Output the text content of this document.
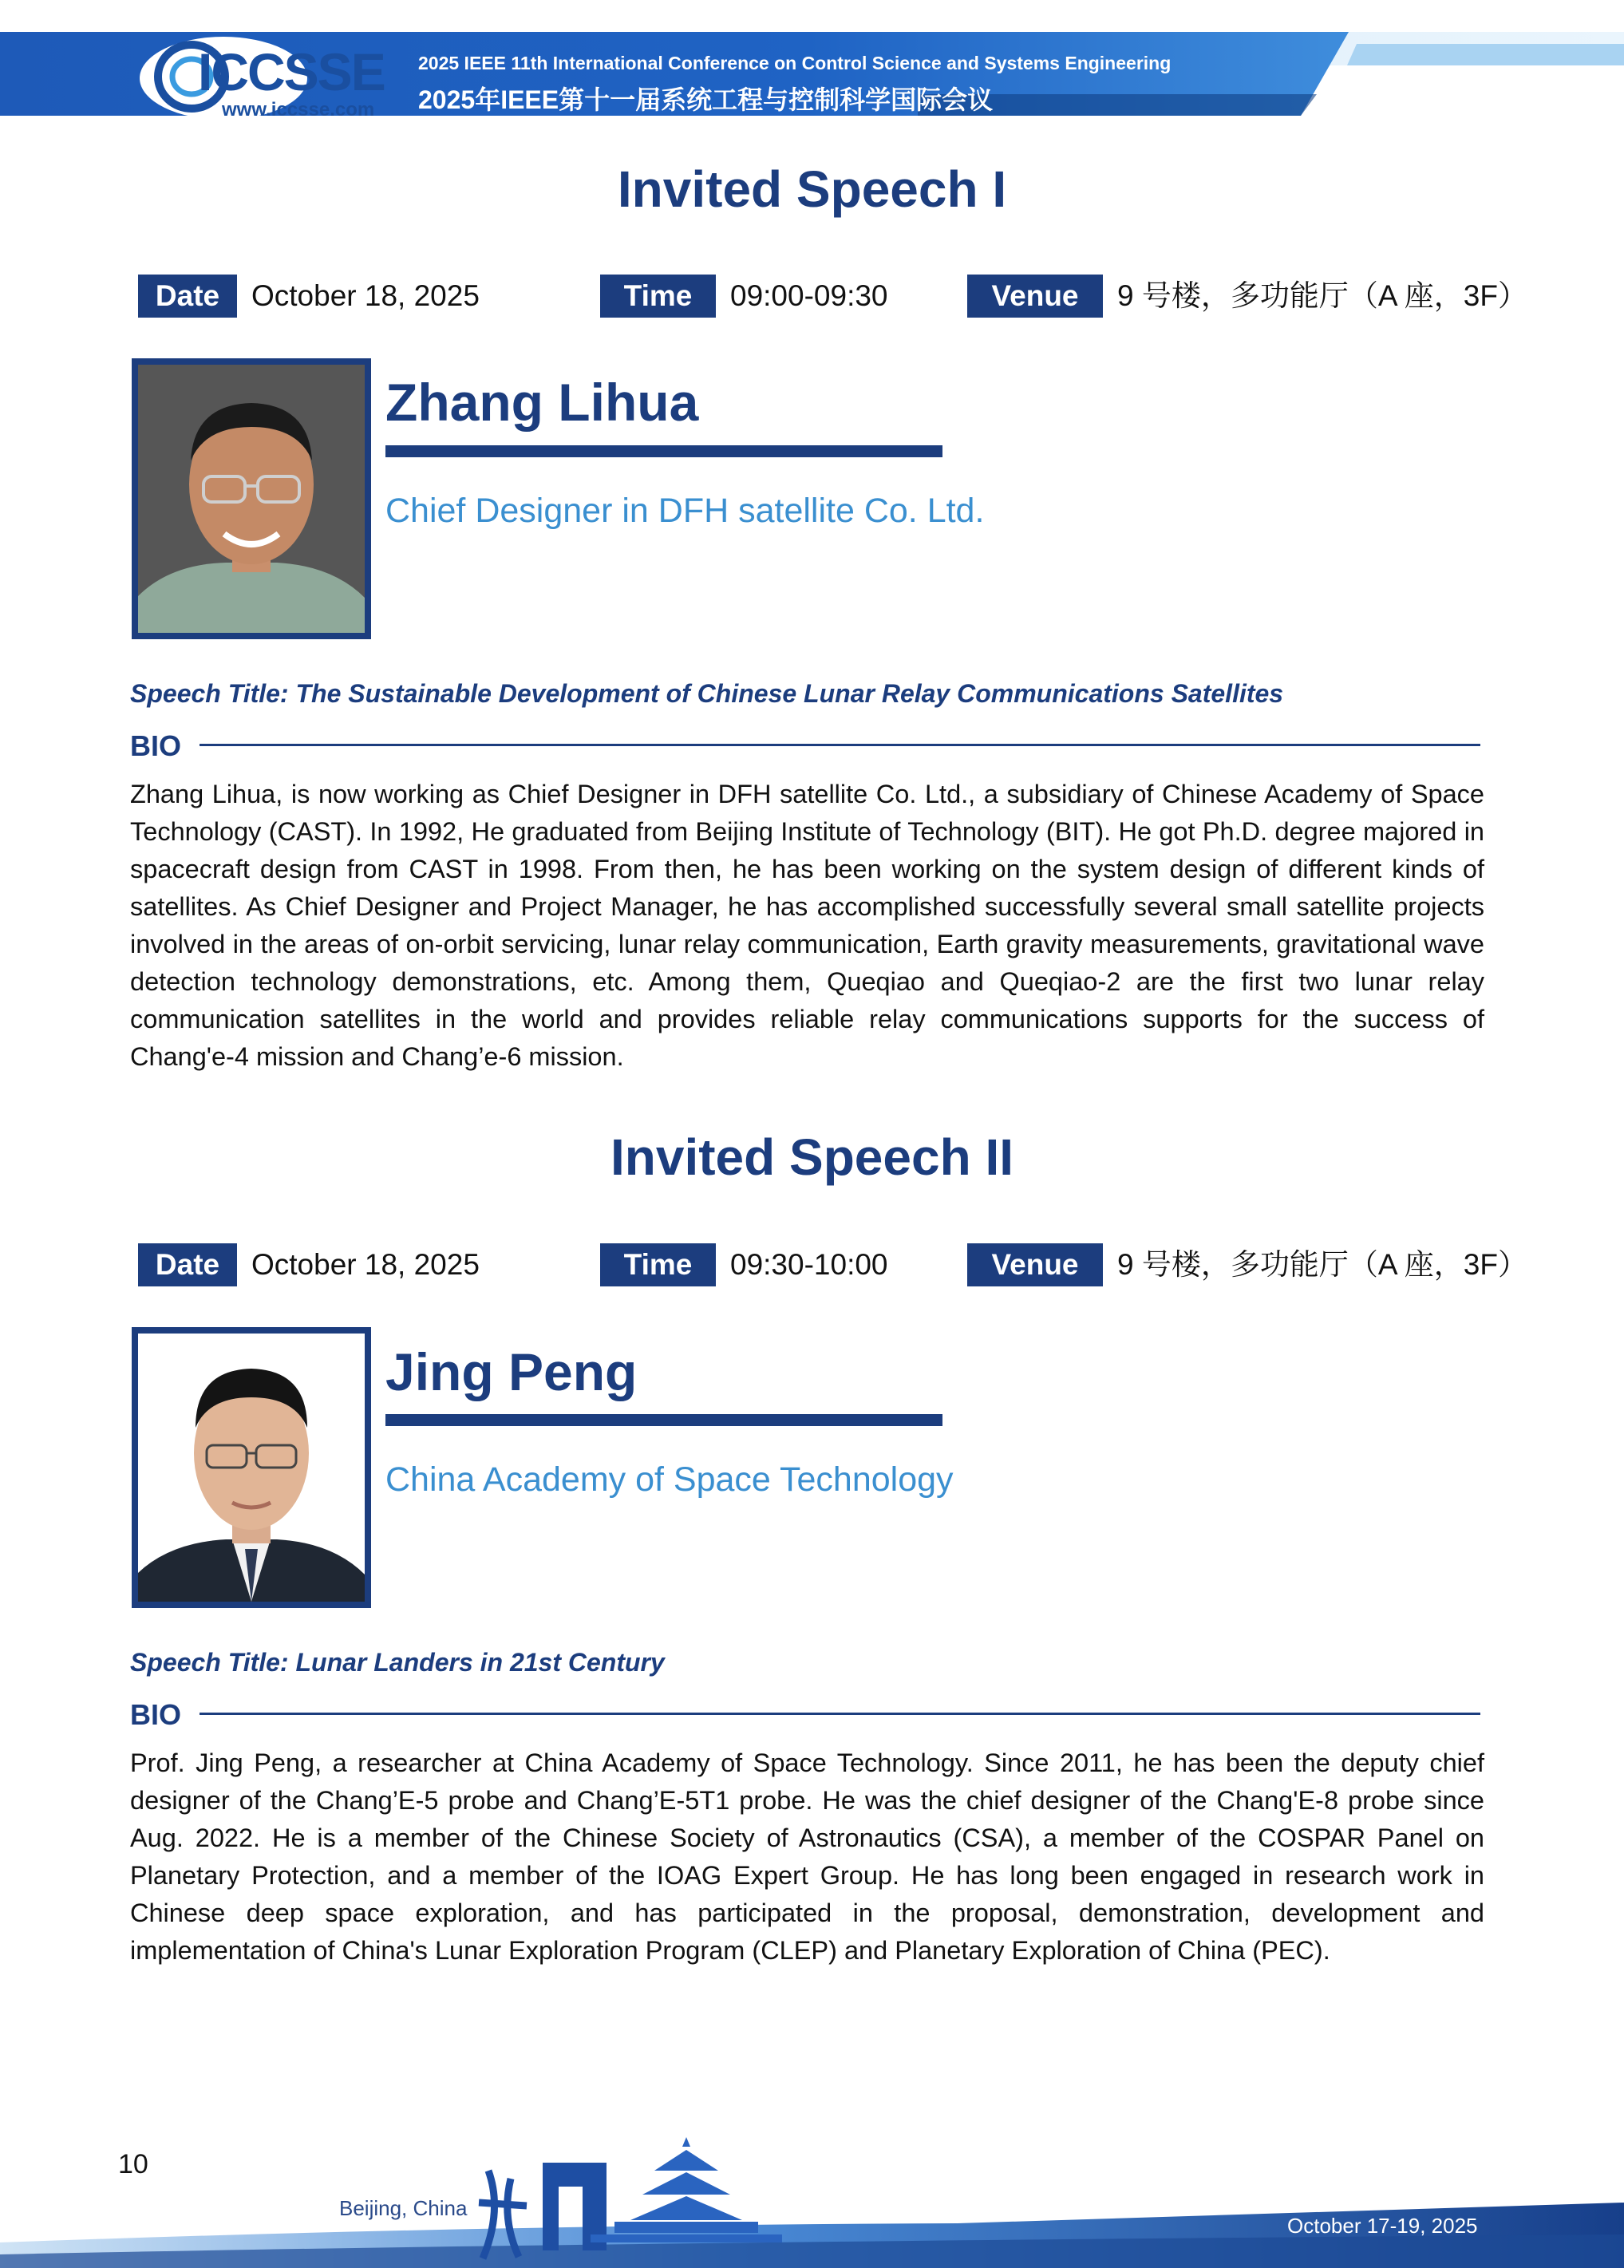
ICCSSE
www.iccsse.com
2025 IEEE 11th International Conference on Control Science and Systems Engineering
2025年IEEE第十一届系统工程与控制科学国际会议
Invited Speech I
Date	October 18, 2025	Time	09:00-09:30	Venue	9 号楼，多功能厅（A 座，3F）
Zhang Lihua
Chief Designer in DFH satellite Co. Ltd.
Speech Title: The Sustainable Development of Chinese Lunar Relay Communications Satellites
BIO
Zhang Lihua, is now working as Chief Designer in DFH satellite Co. Ltd., a subsidiary of Chinese Academy of Space Technology (CAST). In 1992, He graduated from Beijing Institute of Technology (BIT). He got Ph.D. degree majored in spacecraft design from CAST in 1998. From then, he has been working on the system design of different kinds of satellites. As Chief Designer and Project Manager, he has accomplished successfully several small satellite projects involved in the areas of on-orbit servicing, lunar relay communication, Earth gravity measurements, gravitational wave detection technology demonstrations, etc. Among them, Queqiao and Queqiao-2 are the first two lunar relay communication satellites in the world and provides reliable relay communications supports for the success of Chang'e-4 mission and Chang’e-6 mission.
Invited Speech II
Date	October 18, 2025	Time	09:30-10:00	Venue	9 号楼，多功能厅（A 座，3F）
Jing Peng
China Academy of Space Technology
Speech Title: Lunar Landers in 21st Century
BIO
Prof. Jing Peng, a researcher at China Academy of Space Technology. Since 2011, he has been the deputy chief designer of the Chang’E-5 probe and Chang’E-5T1 probe. He was the chief designer of the Chang'E-8 probe since Aug. 2022. He is a member of the Chinese Society of Astronautics (CSA), a member of the COSPAR Panel on Planetary Protection, and a member of the IOAG Expert Group. He has long been engaged in research work in Chinese deep space exploration, and has participated in the proposal, demonstration, development and implementation of China's Lunar Exploration Program (CLEP) and Planetary Exploration of China (PEC).
10
Beijing, China
October 17-19, 2025
